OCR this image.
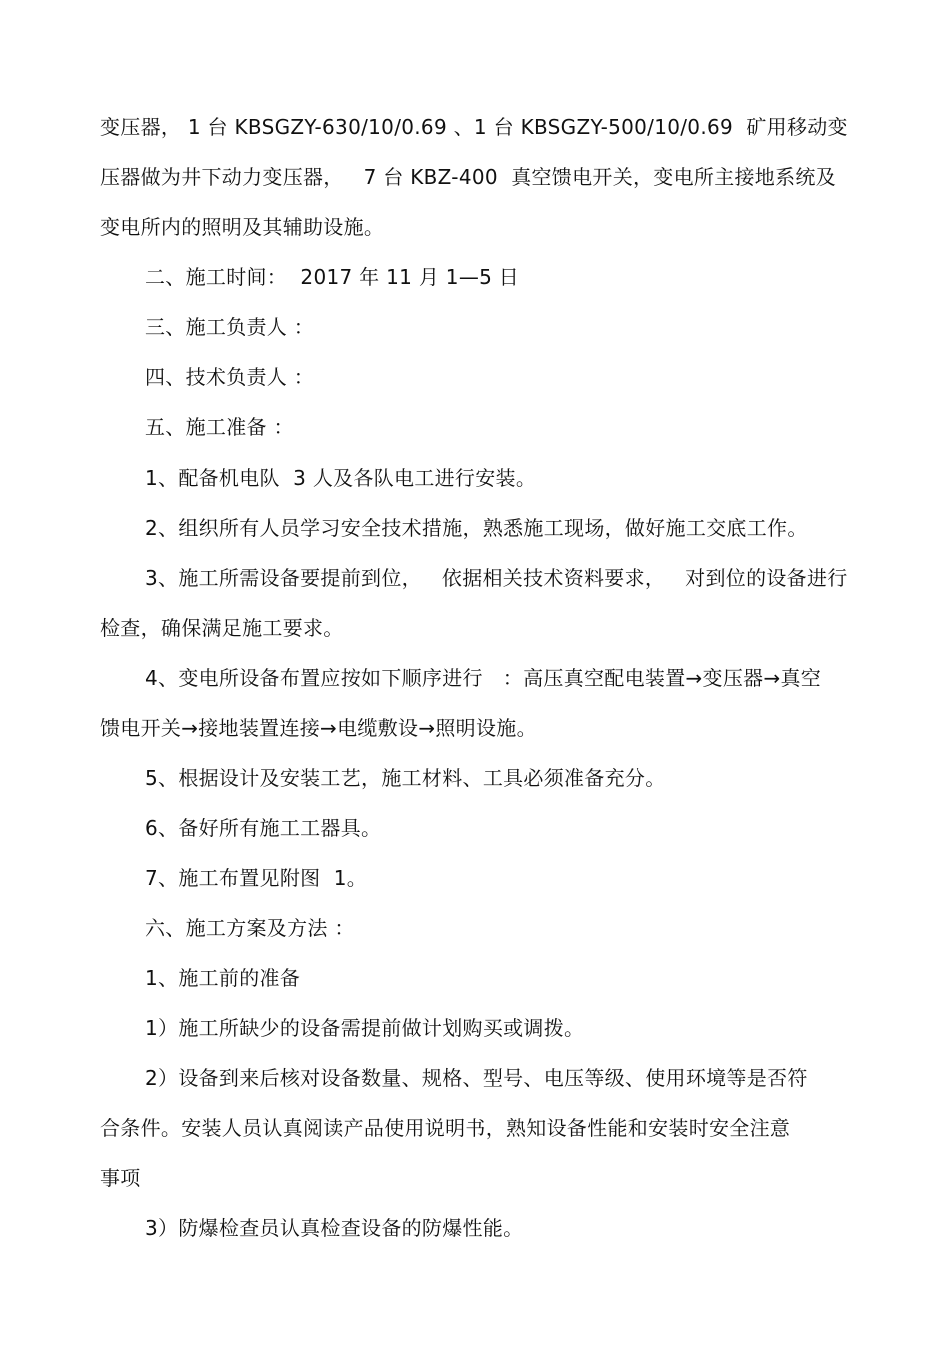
变压器， 1 台 KBSGZY-630/10/0.69 、1 台 KBSGZY-500/10/0.69  矿用移动变
压器做为井下动力变压器，   7 台 KBZ-400  真空馈电开关，变电所主接地系统及
变电所内的照明及其辅助设施。
二、施工时间：  2017 年 11 月 1—5 日
三、施工负责人 ：
四、技术负责人 ：
五、施工准备 ：
1、配备机电队  3 人及各队电工进行安装。
2、组织所有人员学习安全技术措施，熟悉施工现场，做好施工交底工作。
3、施工所需设备要提前到位，   依据相关技术资料要求，   对到位的设备进行
检查，确保满足施工要求。
4、变电所设备布置应按如下顺序进行   ：高压真空配电装置→变压器→真空
馈电开关→接地装置连接→电缆敷设→照明设施。
5、根据设计及安装工艺，施工材料、工具必须准备充分。
6、备好所有施工工器具。
7、施工布置见附图  1。
六、施工方案及方法 ：
1、施工前的准备
1）施工所缺少的设备需提前做计划购买或调拨。
2）设备到来后核对设备数量、规格、型号、电压等级、使用环境等是否符
合条件。安装人员认真阅读产品使用说明书，熟知设备性能和安装时安全注意
事项
3）防爆检查员认真检查设备的防爆性能。
